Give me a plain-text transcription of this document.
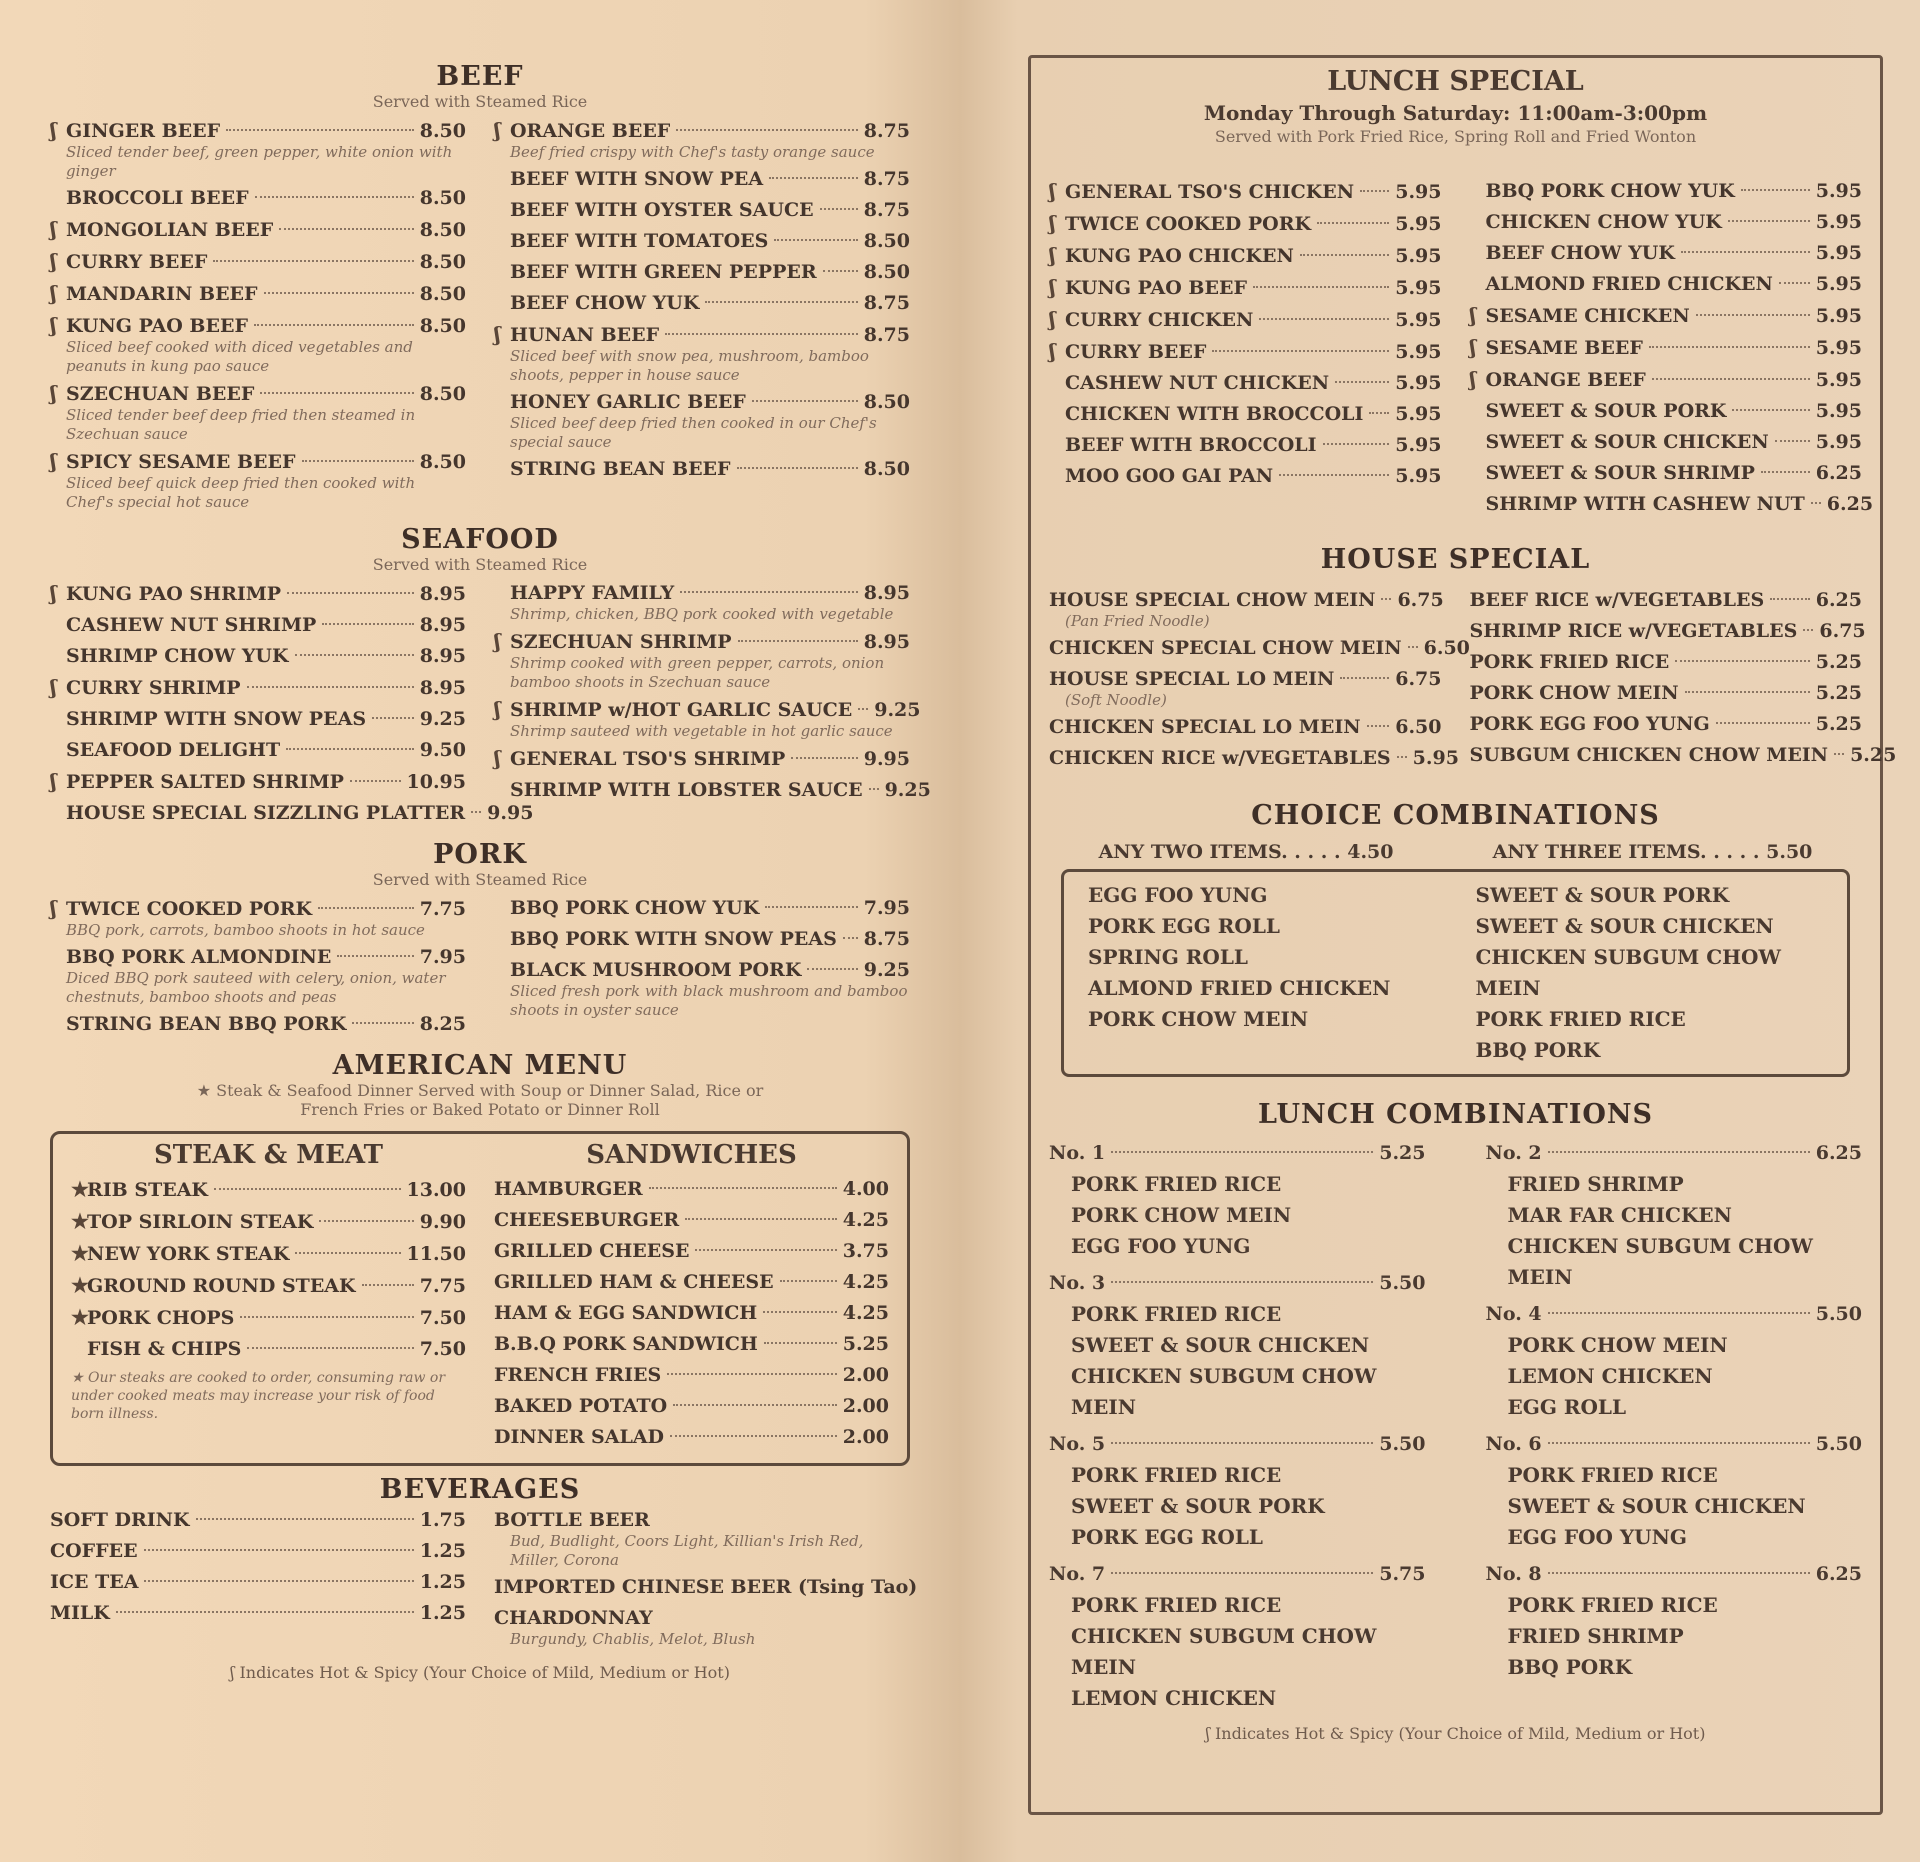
BEEF
Served with Steamed Rice
ʃ GINGER BEEF	8.50
Sliced tender beef, green pepper, white onion with ginger
BROCCOLI BEEF	8.50
ʃ MONGOLIAN BEEF	8.50
ʃ CURRY BEEF	8.50
ʃ MANDARIN BEEF	8.50
ʃ KUNG PAO BEEF	8.50
Sliced beef cooked with diced vegetables and peanuts in kung pao sauce
ʃ SZECHUAN BEEF	8.50
Sliced tender beef deep fried then steamed in Szechuan sauce
ʃ SPICY SESAME BEEF	8.50
Sliced beef quick deep fried then cooked with Chef's special hot sauce
ʃ ORANGE BEEF	8.75
Beef fried crispy with Chef's tasty orange sauce
BEEF WITH SNOW PEA	8.75
BEEF WITH OYSTER SAUCE	8.75
BEEF WITH TOMATOES	8.50
BEEF WITH GREEN PEPPER 8.50
BEEF CHOW YUK	8.75
ʃ HUNAN BEEF	8.75
Sliced beef with snow pea, mushroom, bamboo shoots, pepper in house sauce
HONEY GARLIC BEEF	8.50
Sliced beef deep fried then cooked in our Chef's special sauce
STRING BEAN BEEF	8.50
SEAFOOD
Served with Steamed Rice
ʃ KUNG PAO SHRIMP	8.95
CASHEW NUT SHRIMP	8.95
SHRIMP CHOW YUK	8.95
ʃ CURRY SHRIMP	8.95
SHRIMP WITH SNOW PEAS	9.25
SEAFOOD DELIGHT	9.50
ʃ PEPPER SALTED SHRIMP	10.95
HOUSE SPECIAL SIZZLING PLATTER 9.95
HAPPY FAMILY	8.95
Shrimp, chicken, BBQ pork cooked with vegetable
ʃ SZECHUAN SHRIMP	8.95
Shrimp cooked with green pepper, carrots, onion bamboo shoots in Szechuan sauce
ʃ SHRIMP w/HOT GARLIC SAUCE 9.25
Shrimp sauteed with vegetable in hot garlic sauce
ʃ GENERAL TSO'S SHRIMP	9.95
SHRIMP WITH LOBSTER SAUCE 9.25
PORK
Served with Steamed Rice
ʃ TWICE COOKED PORK	7.75
BBQ pork, carrots, bamboo shoots in hot sauce
BBQ PORK ALMONDINE	7.95
Diced BBQ pork sauteed with celery, onion, water chestnuts, bamboo shoots and peas
STRING BEAN BBQ PORK	8.25
BBQ PORK CHOW YUK	7.95
BBQ PORK WITH SNOW PEAS 8.75
BLACK MUSHROOM PORK	9.25
Sliced fresh pork with black mushroom and bamboo shoots in oyster sauce
AMERICAN MENU
★ Steak & Seafood Dinner Served with Soup or Dinner Salad, Rice or French Fries or Baked Potato or Dinner Roll
STEAK & MEAT
★
RIB STEAK	13.00
★
TOP SIRLOIN STEAK	9.90
★
NEW YORK STEAK	11.50
★
GROUND ROUND STEAK	7.75
★
PORK CHOPS	7.50
FISH & CHIPS	7.50
★ Our steaks are cooked to order, consuming raw or under cooked meats may increase your risk of food born illness.
SANDWICHES
HAMBURGER	4.00
CHEESEBURGER	4.25
GRILLED CHEESE	3.75
GRILLED HAM & CHEESE	4.25
HAM & EGG SANDWICH	4.25
B.B.Q PORK SANDWICH	5.25
FRENCH FRIES	2.00
BAKED POTATO	2.00
DINNER SALAD	2.00
BEVERAGES
SOFT DRINK	1.75
COFFEE	1.25
ICE TEA	1.25
MILK	1.25
BOTTLE BEER
Bud, Budlight, Coors Light, Killian's Irish Red, Miller, Corona
IMPORTED CHINESE BEER (Tsing Tao)
CHARDONNAY
Burgundy, Chablis, Melot, Blush
ʃ Indicates Hot & Spicy (Your Choice of Mild, Medium or Hot)
LUNCH SPECIAL
Monday Through Saturday: 11:00am-3:00pm
Served with Pork Fried Rice, Spring Roll and Fried Wonton
ʃ GENERAL TSO'S CHICKEN 5.95
ʃ TWICE COOKED PORK	5.95
ʃ KUNG PAO CHICKEN	5.95
ʃ KUNG PAO BEEF	5.95
ʃ CURRY CHICKEN	5.95
ʃ CURRY BEEF	5.95
CASHEW NUT CHICKEN	5.95
CHICKEN WITH BROCCOLI 5.95
BEEF WITH BROCCOLI	5.95
MOO GOO GAI PAN	5.95
BBQ PORK CHOW YUK	5.95
CHICKEN CHOW YUK	5.95
BEEF CHOW YUK	5.95
ALMOND FRIED CHICKEN 5.95
ʃ SESAME CHICKEN	5.95
ʃ SESAME BEEF	5.95
ʃ ORANGE BEEF	5.95
SWEET & SOUR PORK	5.95
SWEET & SOUR CHICKEN 5.95
SWEET & SOUR SHRIMP	6.25
SHRIMP WITH CASHEW NUT 6.25
HOUSE SPECIAL
HOUSE SPECIAL CHOW MEIN 6.75
(Pan Fried Noodle)
CHICKEN SPECIAL CHOW MEIN 6.50
HOUSE SPECIAL LO MEIN	6.75
(Soft Noodle)
CHICKEN SPECIAL LO MEIN 6.50
CHICKEN RICE w/VEGETABLES 5.95
BEEF RICE w/VEGETABLES	6.25
SHRIMP RICE w/VEGETABLES 6.75
PORK FRIED RICE	5.25
PORK CHOW MEIN	5.25
PORK EGG FOO YUNG	5.25
SUBGUM CHICKEN CHOW MEIN 5.25
CHOICE COMBINATIONS
ANY TWO ITEMS. . . . . 4.50	ANY THREE ITEMS. . . . . 5.50
EGG FOO YUNG
PORK EGG ROLL
SPRING ROLL
ALMOND FRIED CHICKEN
PORK CHOW MEIN
SWEET & SOUR PORK
SWEET & SOUR CHICKEN
CHICKEN SUBGUM CHOW MEIN
PORK FRIED RICE
BBQ PORK
LUNCH COMBINATIONS
No. 1	5.25
PORK FRIED RICE
PORK CHOW MEIN
EGG FOO YUNG
No. 3	5.50
PORK FRIED RICE
SWEET & SOUR CHICKEN
CHICKEN SUBGUM CHOW MEIN
No. 5	5.50
PORK FRIED RICE
SWEET & SOUR PORK
PORK EGG ROLL
No. 7	5.75
PORK FRIED RICE
CHICKEN SUBGUM CHOW MEIN
LEMON CHICKEN
No. 2	6.25
FRIED SHRIMP
MAR FAR CHICKEN
CHICKEN SUBGUM CHOW MEIN
No. 4	5.50
PORK CHOW MEIN
LEMON CHICKEN
EGG ROLL
No. 6	5.50
PORK FRIED RICE
SWEET & SOUR CHICKEN
EGG FOO YUNG
No. 8	6.25
PORK FRIED RICE
FRIED SHRIMP
BBQ PORK
ʃ Indicates Hot & Spicy (Your Choice of Mild, Medium or Hot)
